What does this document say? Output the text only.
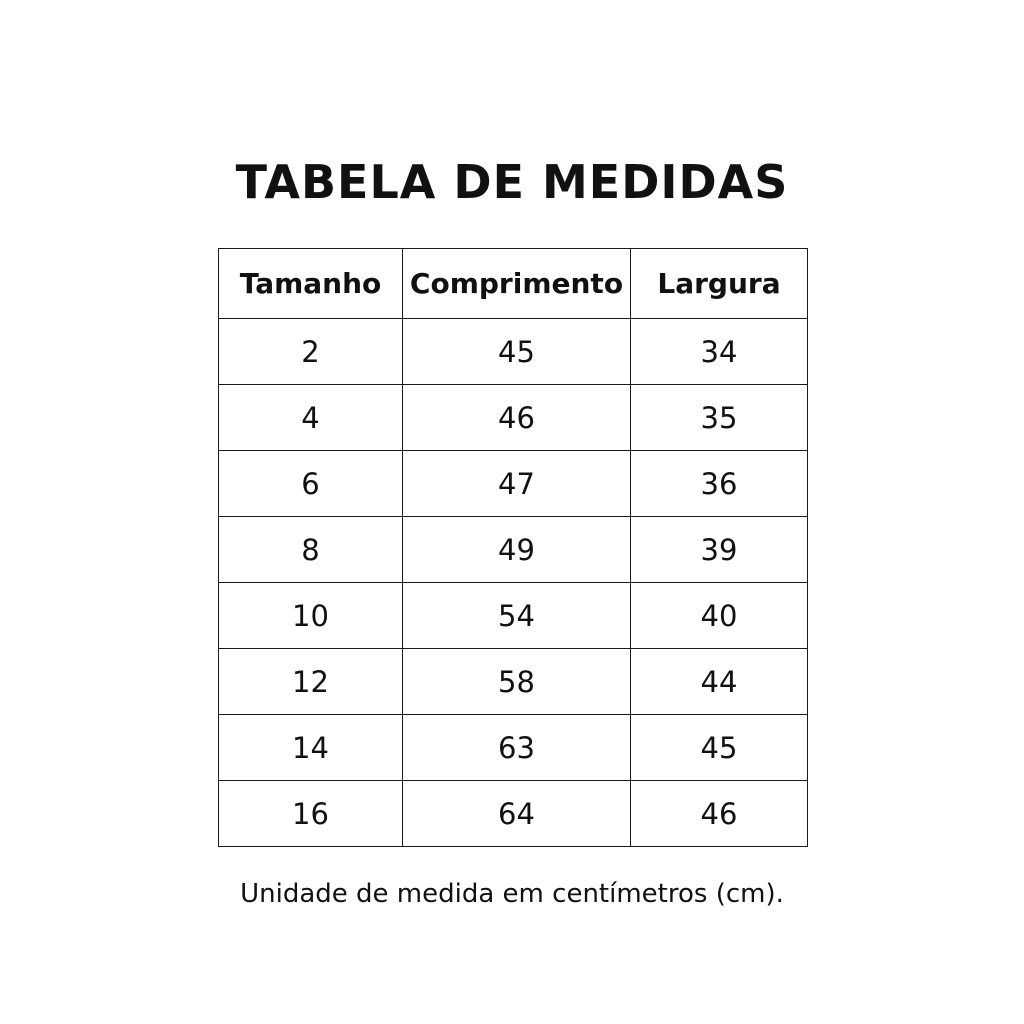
TABELA DE MEDIDAS
Tamanho	Comprimento	Largura
2	45	34
4	46	35
6	47	36
8	49	39
10	54	40
12	58	44
14	63	45
16	64	46

Unidade de medida em centímetros (cm).
